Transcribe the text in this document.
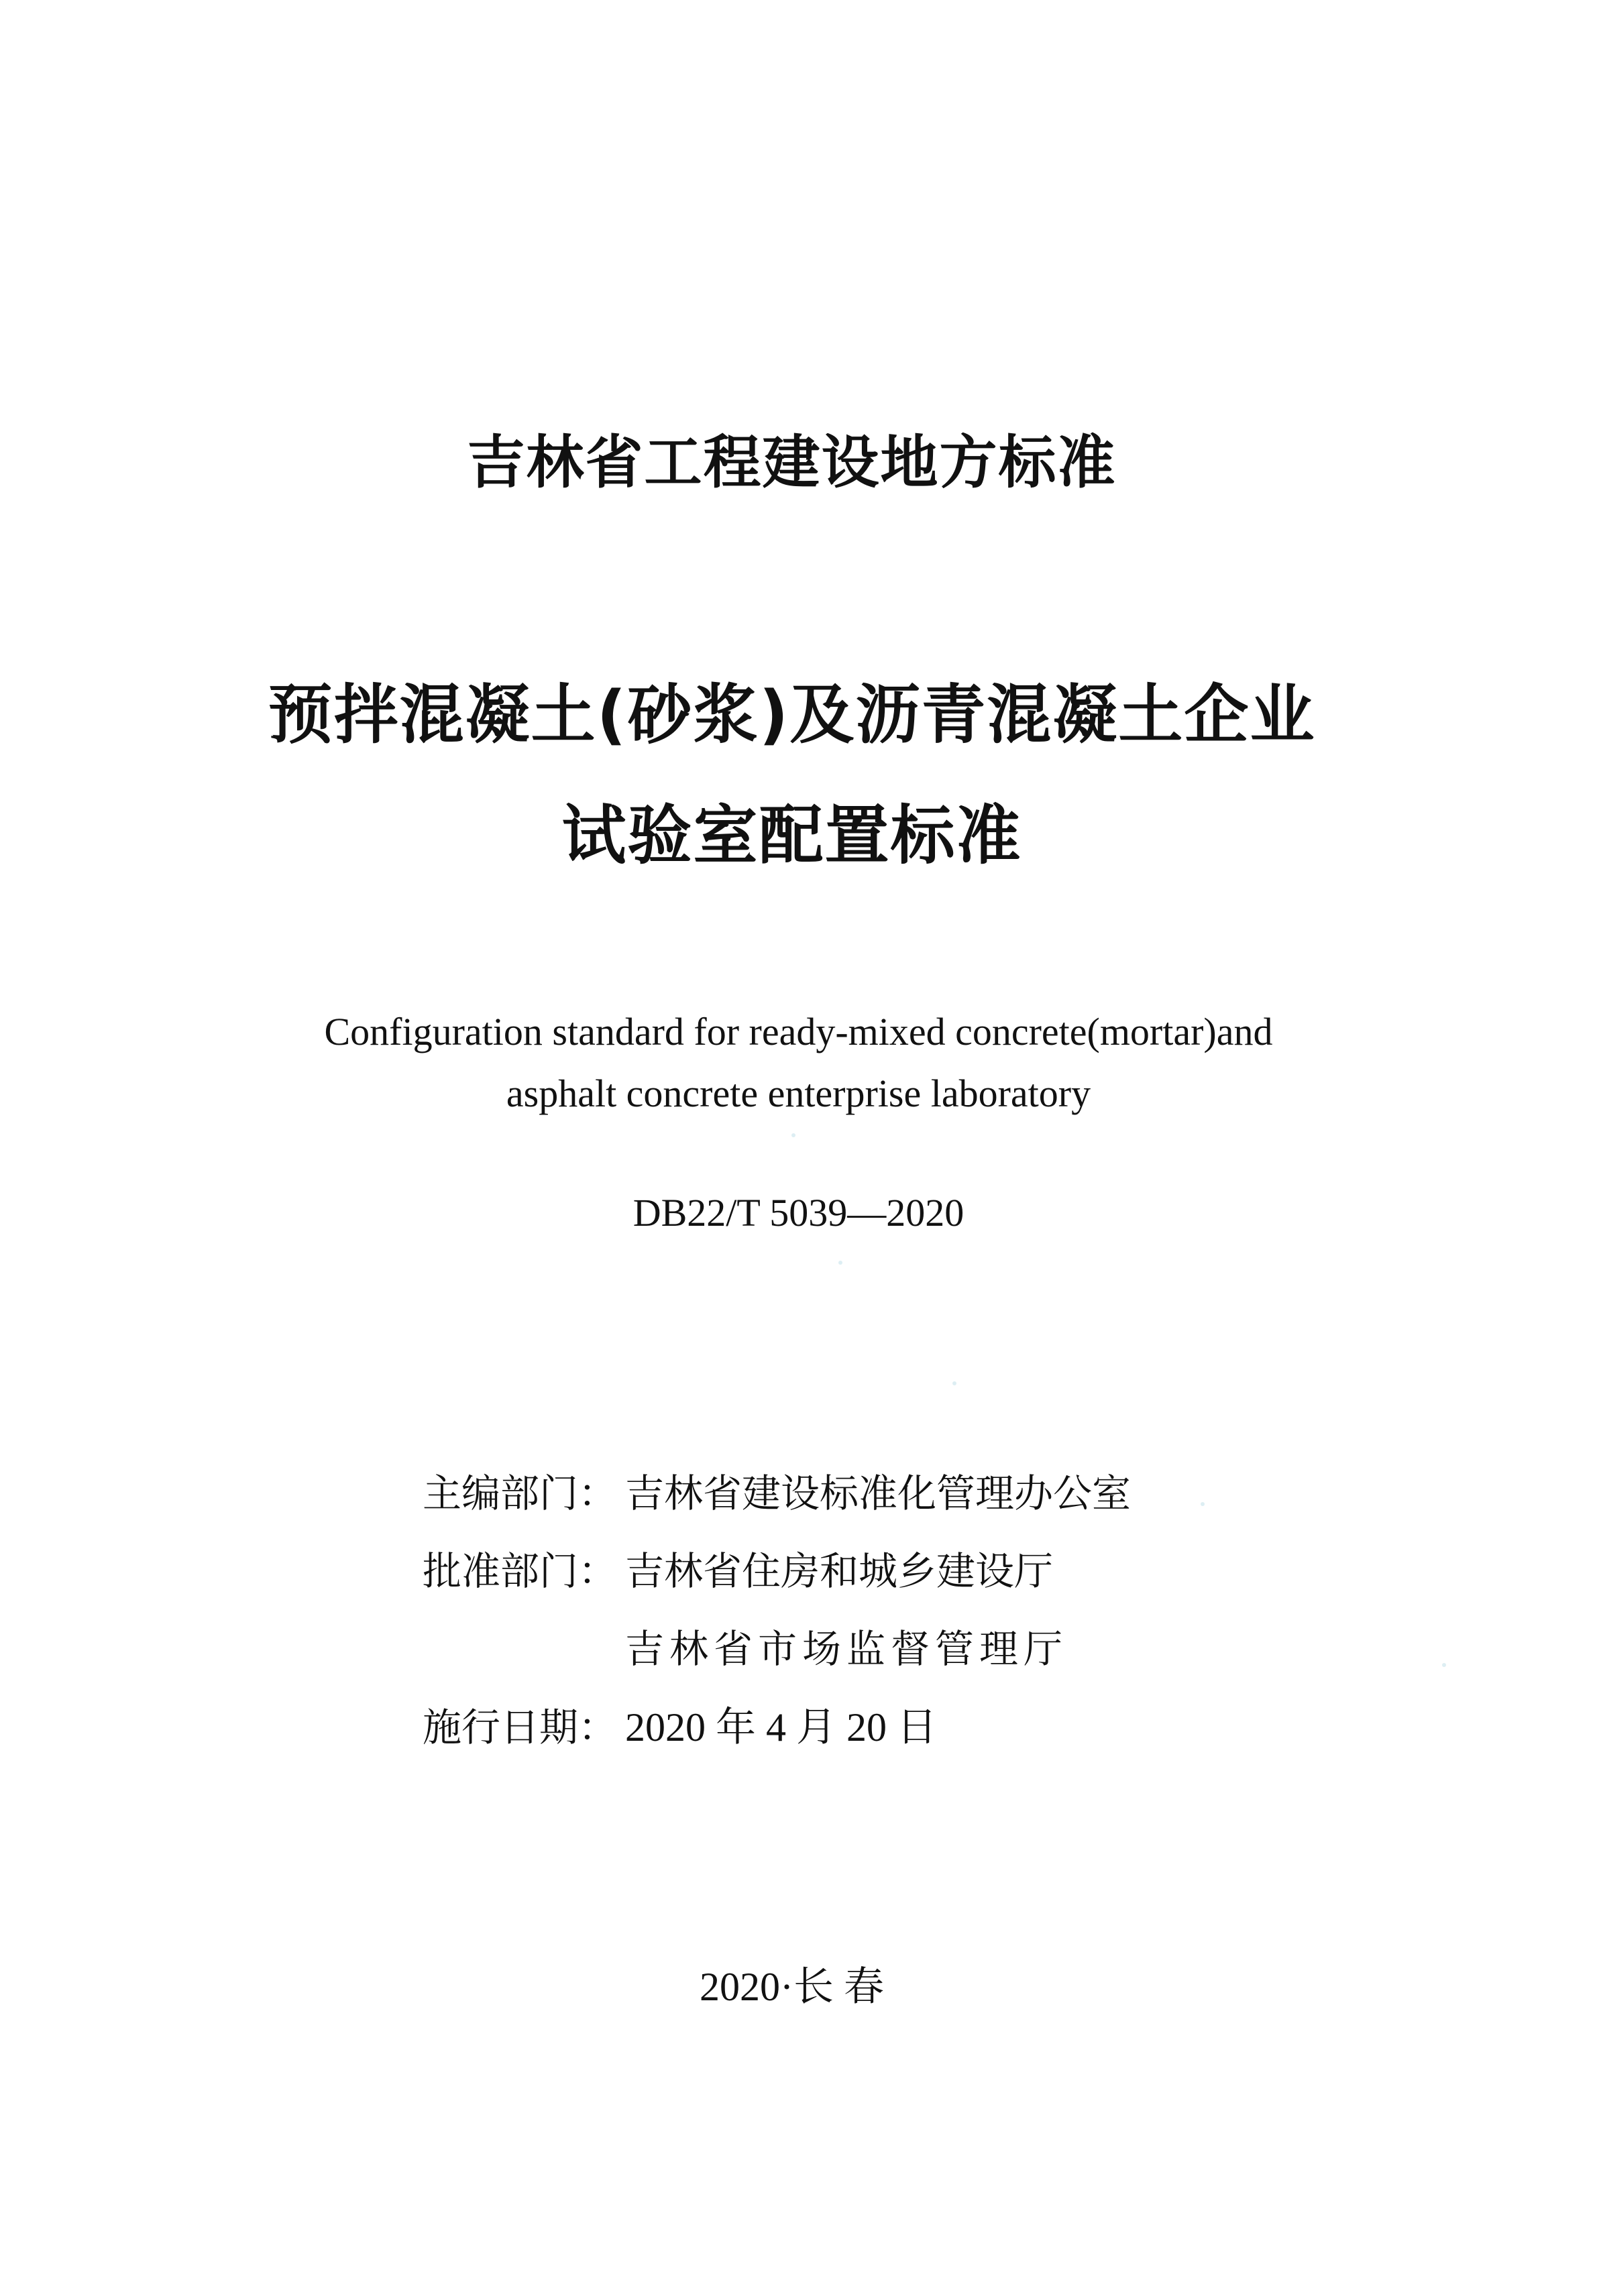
吉林省工程建设地方标准
预拌混凝土(砂浆)及沥青混凝土企业
试验室配置标准
Configuration standard for ready-mixed concrete(mortar)and
asphalt concrete enterprise laboratory
DB22/T 5039—2020
主编部门： 吉林省建设标准化管理办公室
批准部门： 吉林省住房和城乡建设厅
吉林省市场监督管理厅
施行日期： 2020 年 4 月 20 日
2020·长 春
